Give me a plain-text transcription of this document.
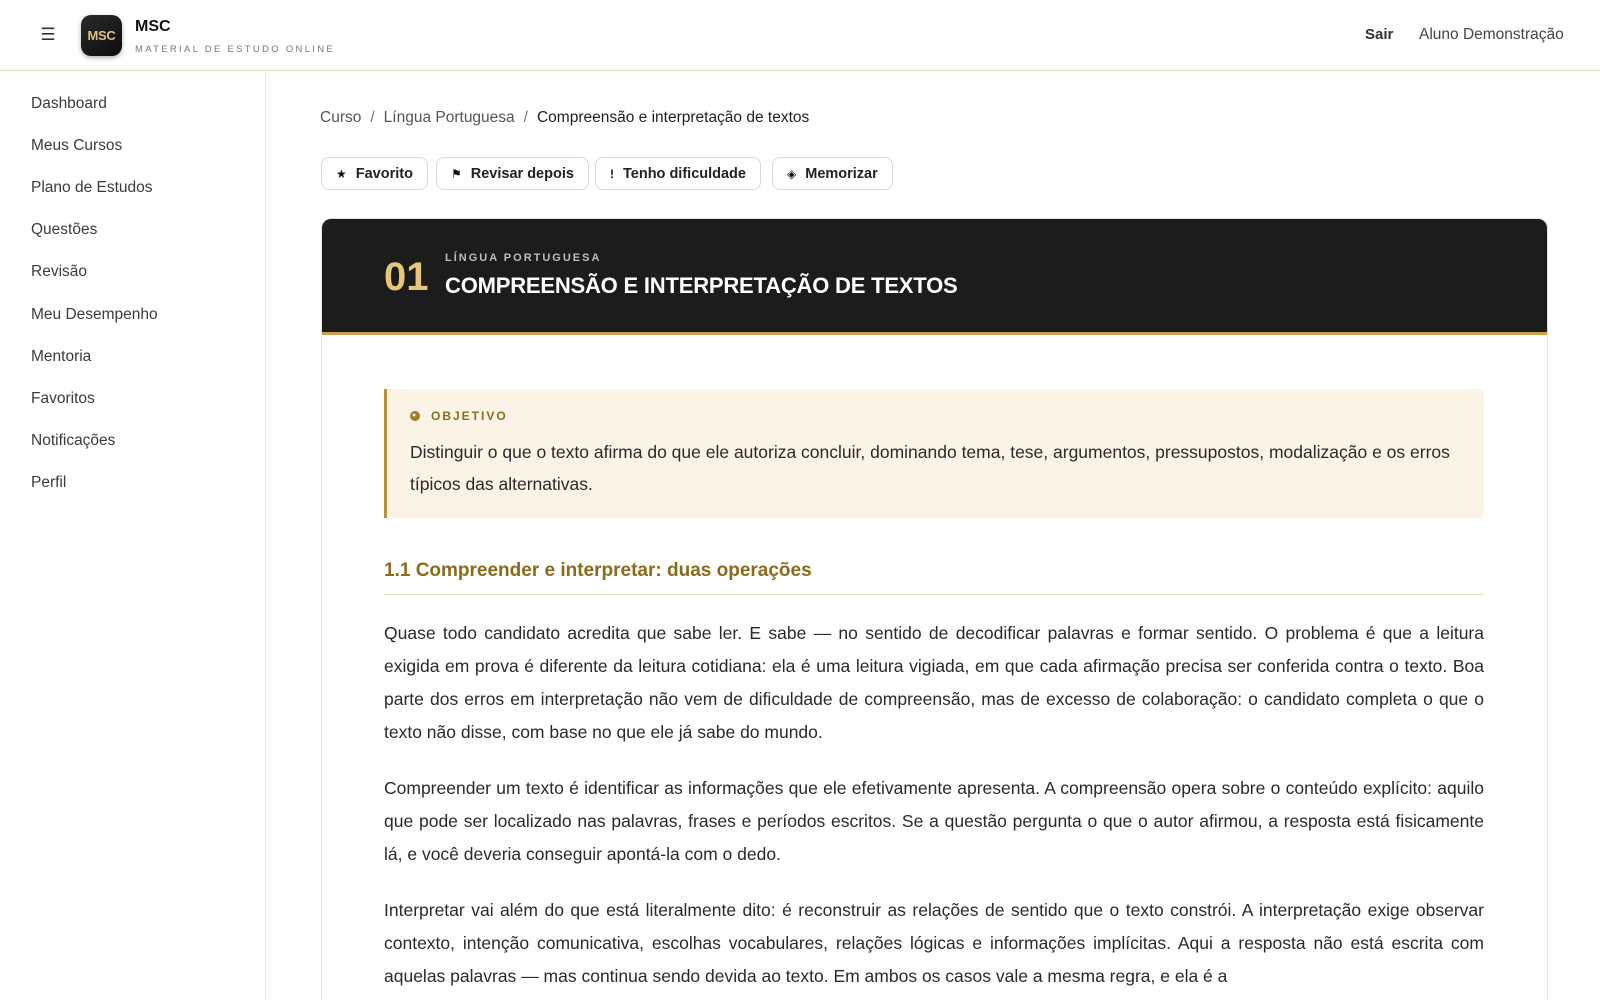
☰	MSC
MSC
MATERIAL DE ESTUDO ONLINE
Sair Aluno Demonstração
Dashboard
Meus Cursos
Plano de Estudos
Questões
Revisão
Meu Desempenho
Mentoria
Favoritos
Notificações
Perfil
Curso / Língua Portuguesa / Compreensão e interpretação de textos
★ Favorito	⚑ Revisar depois	! Tenho dificuldade	◈ Memorizar
01 LÍNGUA PORTUGUESA
COMPREENSÃO E INTERPRETAÇÃO DE TEXTOS
● OBJETIVO
Distinguir o que o texto afirma do que ele autoriza concluir, dominando tema, tese, argumentos, pressupostos, modalização e os erros típicos das alternativas.
1.1 Compreender e interpretar: duas operações

Quase todo candidato acredita que sabe ler. E sabe — no sentido de decodificar palavras e formar sentido. O problema é que a leitura exigida em prova é diferente da leitura cotidiana: ela é uma leitura vigiada, em que cada afirmação precisa ser conferida contra o texto. Boa parte dos erros em interpretação não vem de dificuldade de compreensão, mas de excesso de colaboração: o candidato completa o que o texto não disse, com base no que ele já sabe do mundo.

Compreender um texto é identificar as informações que ele efetivamente apresenta. A compreensão opera sobre o conteúdo explícito: aquilo que pode ser localizado nas palavras, frases e períodos escritos. Se a questão pergunta o que o autor afirmou, a resposta está fisicamente lá, e você deveria conseguir apontá-la com o dedo.

Interpretar vai além do que está literalmente dito: é reconstruir as relações de sentido que o texto constrói. A interpretação exige observar contexto, intenção comunicativa, escolhas vocabulares, relações lógicas e informações implícitas. Aqui a resposta não está escrita com aquelas palavras — mas continua sendo devida ao texto. Em ambos os casos vale a mesma regra, e ela é a
